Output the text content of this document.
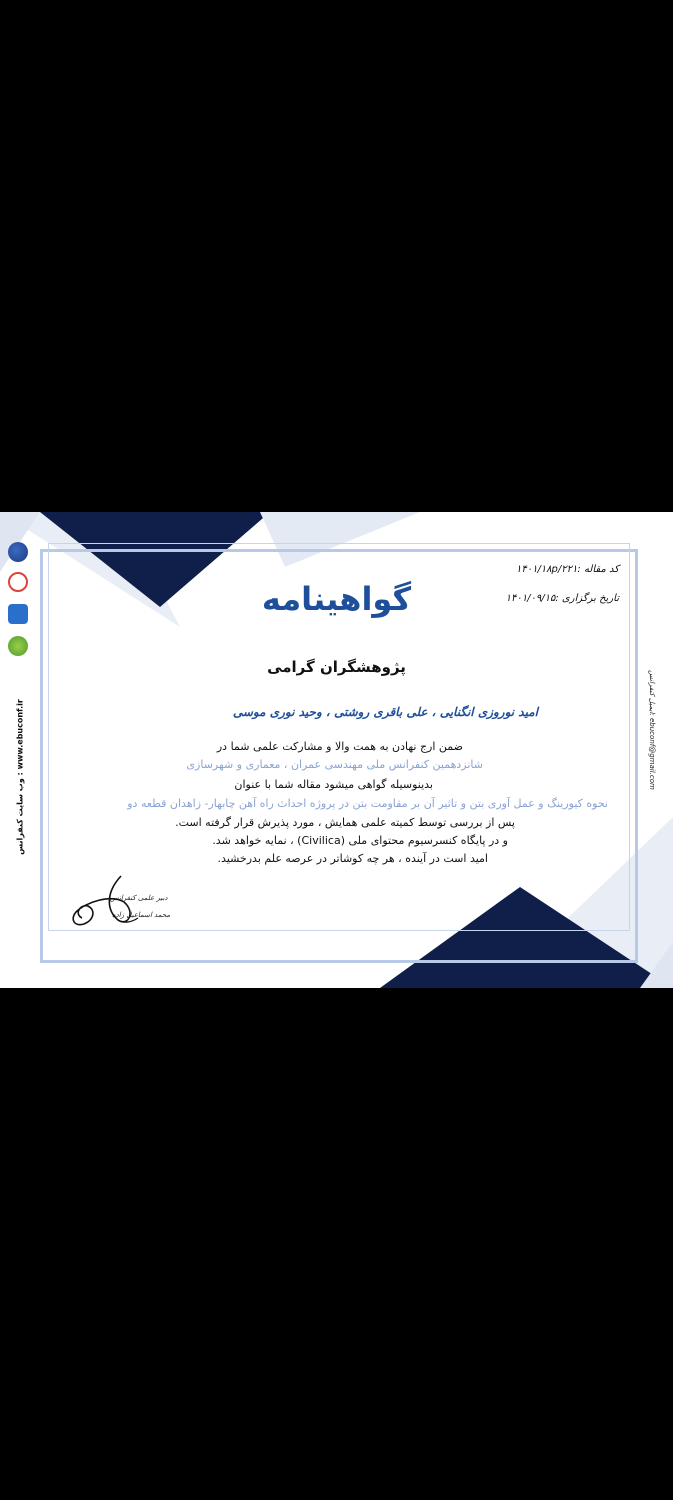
وب سایت کنفرانس : www.ebuconf.ir
ایمیل کنفرانس: ebuconf@gmail.com
کد مقاله :۱۴۰۱/۱۸p/۲۲۱
تاریخ برگزاری :۱۴۰۱/۰۹/۱۵
گواهینامه
پژوهشگران گرامی
امید نوروزی انگنایی ، علی باقری روشتی ، وحید نوری موسی
ضمن ارج نهادن به همت والا و مشارکت علمی شما در
شانزدهمین کنفرانس ملی مهندسی عمران ، معماری و شهرسازی
بدینوسیله گواهی میشود مقاله شما با عنوان
نحوه کیورینگ و عمل آوری بتن و تاثیر آن بر مقاومت بتن در پروژه احداث راه آهن چابهار- زاهدان قطعه دو
پس از بررسی توسط کمیته علمی همایش ، مورد پذیرش قرار گرفته است.
و در پایگاه کنسرسیوم محتوای ملی (Civilica) ، نمایه خواهد شد.
امید است در آینده ، هر چه کوشاتر در عرصه علم بدرخشید.
دبیر علمی کنفرانس
محمد اسماعیل زاده
